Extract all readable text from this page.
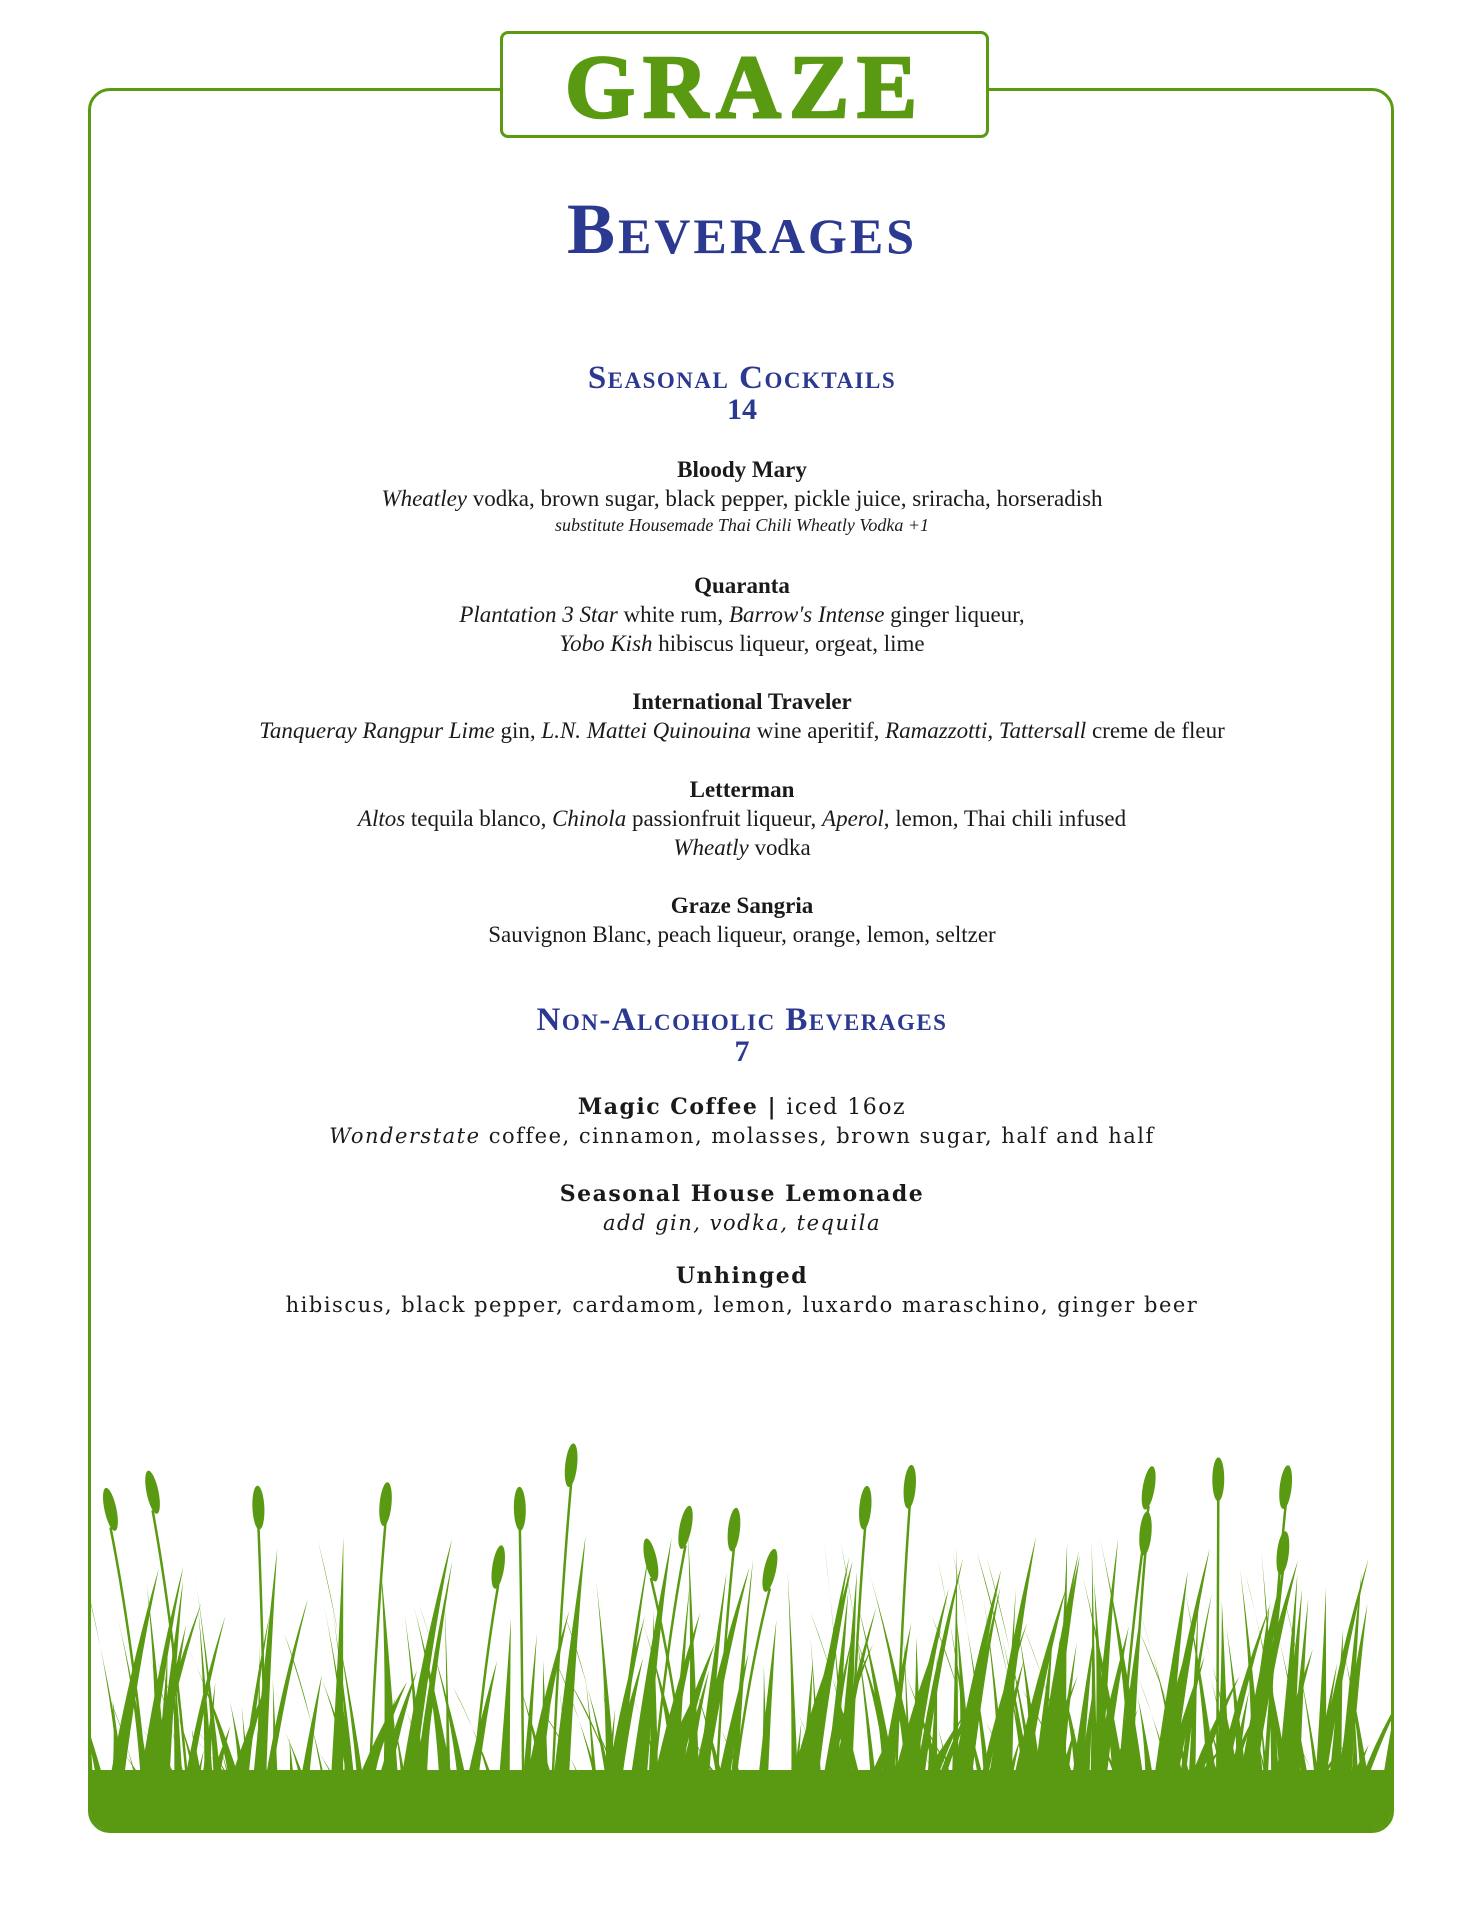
GRAZE
Beverages
Seasonal Cocktails
14
Bloody Mary
Wheatley vodka, brown sugar, black pepper, pickle juice, sriracha, horseradish
substitute Housemade Thai Chili Wheatly Vodka +1
Quaranta
Plantation 3 Star white rum, Barrow's Intense ginger liqueur,
Yobo Kish hibiscus liqueur, orgeat, lime
International Traveler
Tanqueray Rangpur Lime gin, L.N. Mattei Quinouina wine aperitif, Ramazzotti, Tattersall creme de fleur
Letterman
Altos tequila blanco, Chinola passionfruit liqueur, Aperol, lemon, Thai chili infused
Wheatly vodka
Graze Sangria
Sauvignon Blanc, peach liqueur, orange, lemon, seltzer
Non-Alcoholic Beverages
7
Magic Coffee | iced 16oz
Wonderstate coffee, cinnamon, molasses, brown sugar, half and half
Seasonal House Lemonade
add gin, vodka, tequila
Unhinged
hibiscus, black pepper, cardamom, lemon, luxardo maraschino, ginger beer
